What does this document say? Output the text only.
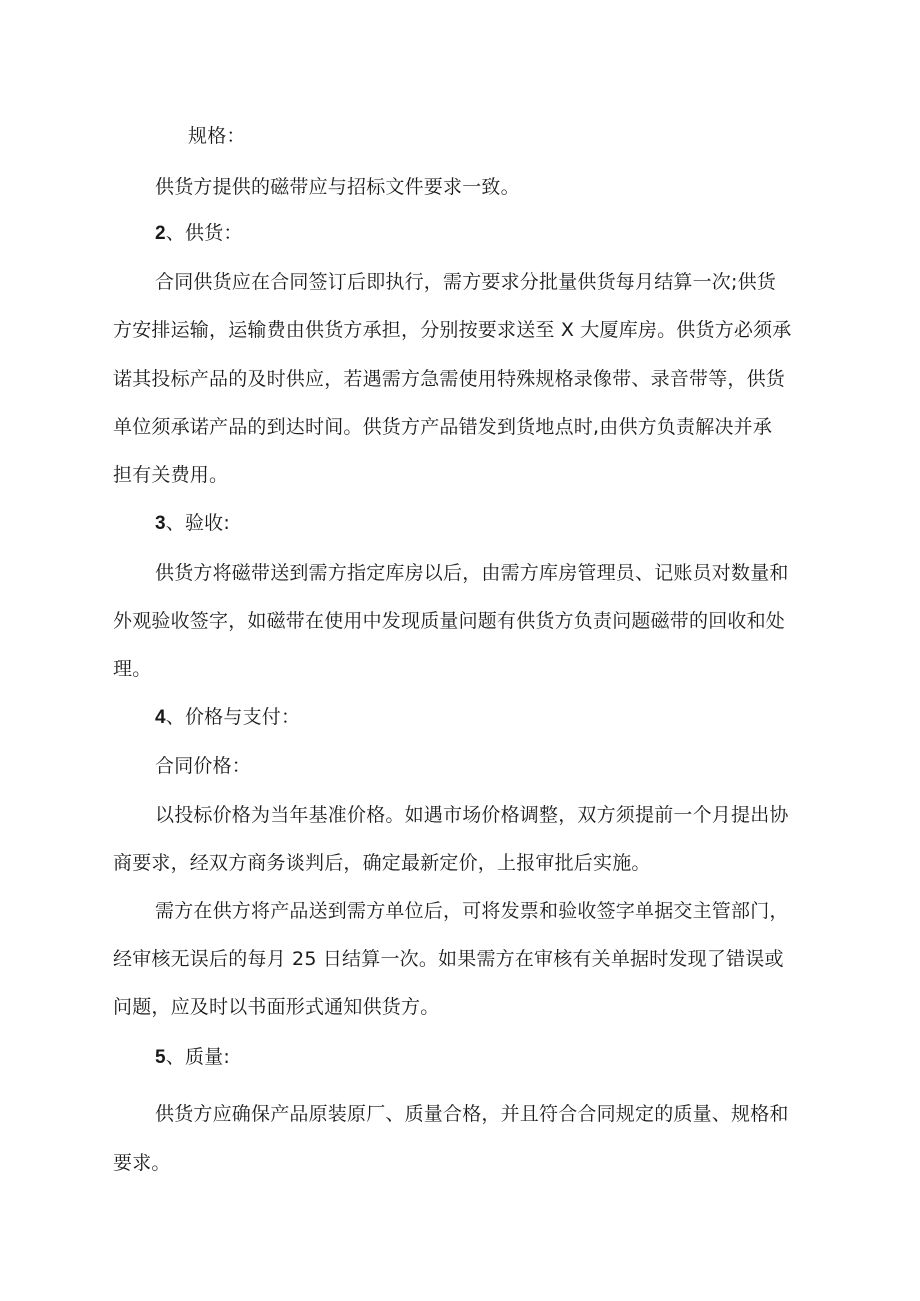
规格：
供货方提供的磁带应与招标文件要求一致。
2、供货：
合同供货应在合同签订后即执行，需方要求分批量供货每月结算一次;供货
方安排运输，运输费由供货方承担，分别按要求送至 X 大厦库房。供货方必须承
诺其投标产品的及时供应，若遇需方急需使用特殊规格录像带、录音带等，供货
单位须承诺产品的到达时间。供货方产品错发到货地点时,由供方负责解决并承
担有关费用。
3、验收:
供货方将磁带送到需方指定库房以后，由需方库房管理员、记账员对数量和
外观验收签字，如磁带在使用中发现质量问题有供货方负责问题磁带的回收和处
理。
4、价格与支付：
合同价格：
以投标价格为当年基准价格。如遇市场价格调整，双方须提前一个月提出协
商要求，经双方商务谈判后，确定最新定价，上报审批后实施。
需方在供方将产品送到需方单位后，可将发票和验收签字单据交主管部门，
经审核无误后的每月 25 日结算一次。如果需方在审核有关单据时发现了错误或
问题，应及时以书面形式通知供货方。
5、质量:
供货方应确保产品原装原厂、质量合格，并且符合合同规定的质量、规格和
要求。
